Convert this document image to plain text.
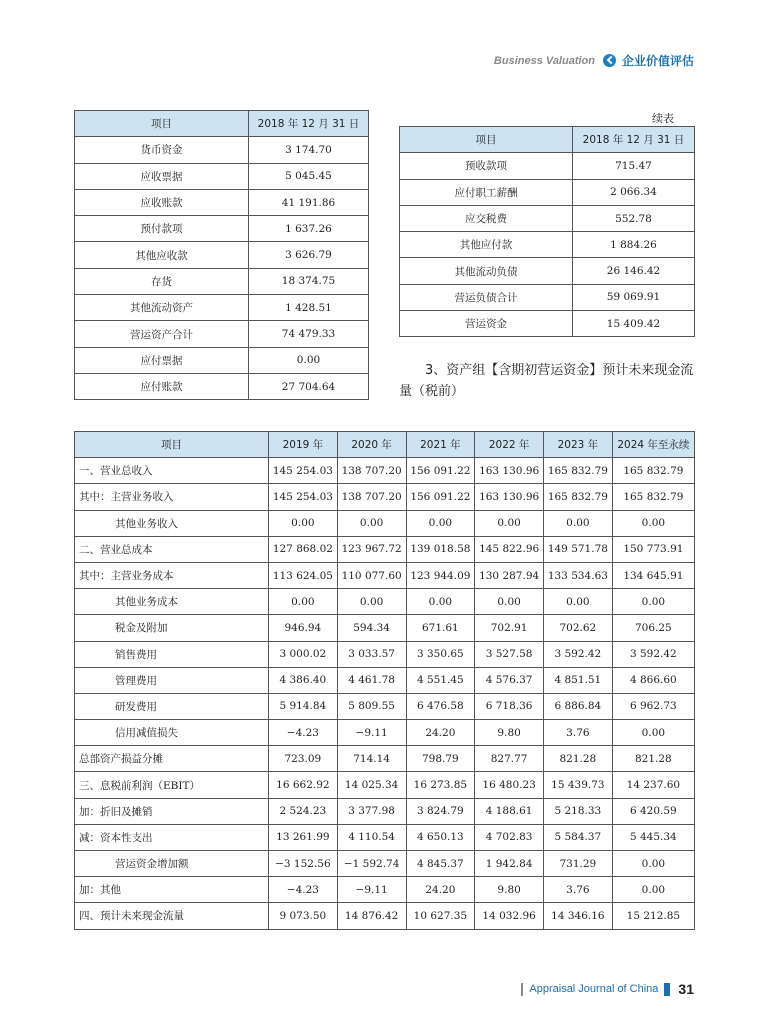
Business Valuation 企业价值评估
项目	2018 年 12 月 31 日
货币资金	3 174.70
应收票据	5 045.45
应收账款	41 191.86
预付款项	1 637.26
其他应收款	3 626.79
存货	18 374.75
其他流动资产	1 428.51
营运资产合计	74 479.33
应付票据	0.00
应付账款	27 704.64
续表
项目	2018 年 12 月 31 日
预收款项	715.47
应付职工薪酬	2 066.34
应交税费	552.78
其他应付款	1 884.26
其他流动负债	26 146.42
营运负债合计	59 069.91
营运资金	15 409.42
3、资产组【含期初营运资金】预计未来现金流量（税前）
项目	2019 年	2020 年	2021 年	2022 年	2023 年	2024 年至永续
一、营业总收入	145 254.03	138 707.20	156 091.22	163 130.96	165 832.79	165 832.79
其中：主营业务收入	145 254.03	138 707.20	156 091.22	163 130.96	165 832.79	165 832.79
其他业务收入	0.00	0.00	0.00	0.00	0.00	0.00
二、营业总成本	127 868.02	123 967.72	139 018.58	145 822.96	149 571.78	150 773.91
其中：主营业务成本	113 624.05	110 077.60	123 944.09	130 287.94	133 534.63	134 645.91
其他业务成本	0.00	0.00	0.00	0.00	0.00	0.00
税金及附加	946.94	594.34	671.61	702.91	702.62	706.25
销售费用	3 000.02	3 033.57	3 350.65	3 527.58	3 592.42	3 592.42
管理费用	4 386.40	4 461.78	4 551.45	4 576.37	4 851.51	4 866.60
研发费用	5 914.84	5 809.55	6 476.58	6 718.36	6 886.84	6 962.73
信用减值损失	−4.23	−9.11	24.20	9.80	3.76	0.00
总部资产损益分摊	723.09	714.14	798.79	827.77	821.28	821.28
三、息税前利润（EBIT）	16 662.92	14 025.34	16 273.85	16 480.23	15 439.73	14 237.60
加：折旧及摊销	2 524.23	3 377.98	3 824.79	4 188.61	5 218.33	6 420.59
减：资本性支出	13 261.99	4 110.54	4 650.13	4 702.83	5 584.37	5 445.34
营运资金增加额	−3 152.56	−1 592.74	4 845.37	1 942.84	731.29	0.00
加：其他	−4.23	−9.11	24.20	9.80	3.76	0.00
四、预计未来现金流量	9 073.50	14 876.42	10 627.35	14 032.96	14 346.16	15 212.85
Appraisal Journal of China 31
